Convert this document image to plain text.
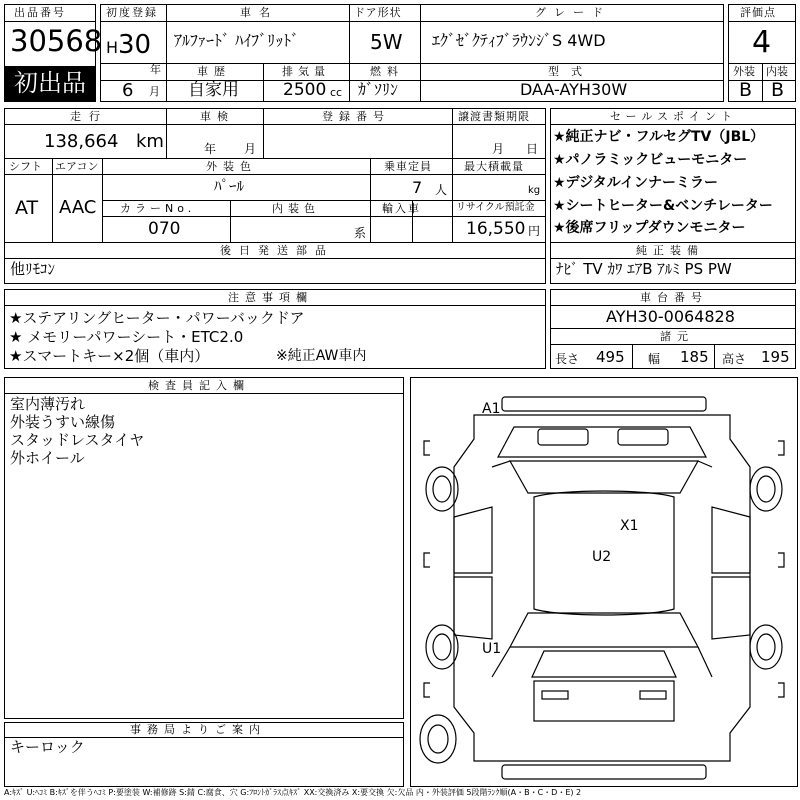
出品番号
30568
初出品
初度登録
H 30
年
6 月
車名
ｱﾙﾌｧｰﾄﾞ ﾊｲﾌﾞﾘｯﾄﾞ
ドア形状
5W
グレード
ｴｸﾞｾﾞｸﾃｨﾌﾞﾗｳﾝｼﾞS 4WD
車歴
自家用
排気量
2500 cc
燃料
ｶﾞｿﾘﾝ
型式
DAA-AYH30W
評価点
4
外装 内装
B B
走行
138,664 km
車検
年 月
登録番号	譲渡書類期限
月 日
シフト
AT
エアコン
AAC
外装色
ﾊﾟｰﾙ
乗車定員
7 人
最大積載量
kg
カラーNo.
070
内装色
系
輸入車	リサイクル預託金
16,550 円
後日発送部品
他ﾘﾓｺﾝ
セールスポイント
★純正ナビ・フルセグTV（JBL）
★パノラミックビューモニター
★デジタルインナーミラー
★シートヒーター&ベンチレーター
★後席フリップダウンモニター
純正装備
ﾅﾋﾞ TV ｶﾜ ｴｱB ｱﾙﾐ PS PW
注意事項欄
★ステアリングヒーター・パワーバックドア
★ メモリーパワーシート・ETC2.0
★スマートキー×2個（車内）	※純正AW車内
車台番号
AYH30-0064828
諸元
長さ 495 幅 185 高さ 195
検査員記入欄
室内薄汚れ
外装うすい線傷
スタッドレスタイヤ
外ホイール
事務局よりご案内
キーロック
A1
X1
U2
U1
A:ｷｽﾞ U:ﾍｺﾐ B:ｷｽﾞを伴うﾍｺﾐ P:要塗装 W:補修跡 S:錆 C:腐食、穴 G:ﾌﾛﾝﾄｶﾞﾗｽ点ｷｽﾞ XX:交換済み X:要交換 欠:欠品 内・外装評価 5段階ﾗﾝｸ順(A・B・C・D・E) 2
